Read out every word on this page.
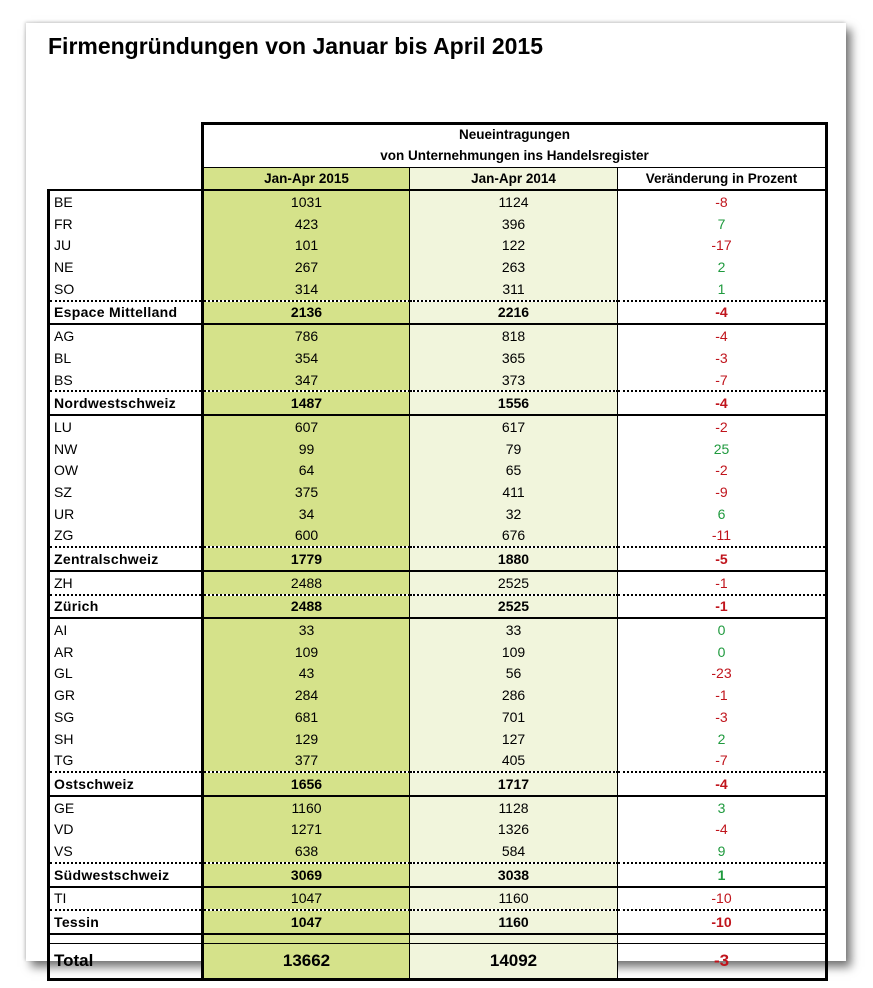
Firmengründungen von Januar bis April 2015

	Neueintragungen
von Unternehmungen ins Handelsregister		

	Jan-Apr 2015	Jan-Apr 2014	Veränderung in Prozent
BE	1031	1124	-8
FR	423	396	7
JU	101	122	-17
NE	267	263	2
SO	314	311	1
Espace Mittelland	2136	2216	-4
AG	786	818	-4
BL	354	365	-3
BS	347	373	-7
Nordwestschweiz	1487	1556	-4
LU	607	617	-2
NW	99	79	25
OW	64	65	-2
SZ	375	411	-9
UR	34	32	6
ZG	600	676	-11
Zentralschweiz	1779	1880	-5
ZH	2488	2525	-1
Zürich	2488	2525	-1
AI	33	33	0
AR	109	109	0
GL	43	56	-23
GR	284	286	-1
SG	681	701	-3
SH	129	127	2
TG	377	405	-7
Ostschweiz	1656	1717	-4
GE	1160	1128	3
VD	1271	1326	-4
VS	638	584	9
Südwestschweiz	3069	3038	1
TI	1047	1160	-10
Tessin	1047	1160	-10

Total	13662	14092	-3
